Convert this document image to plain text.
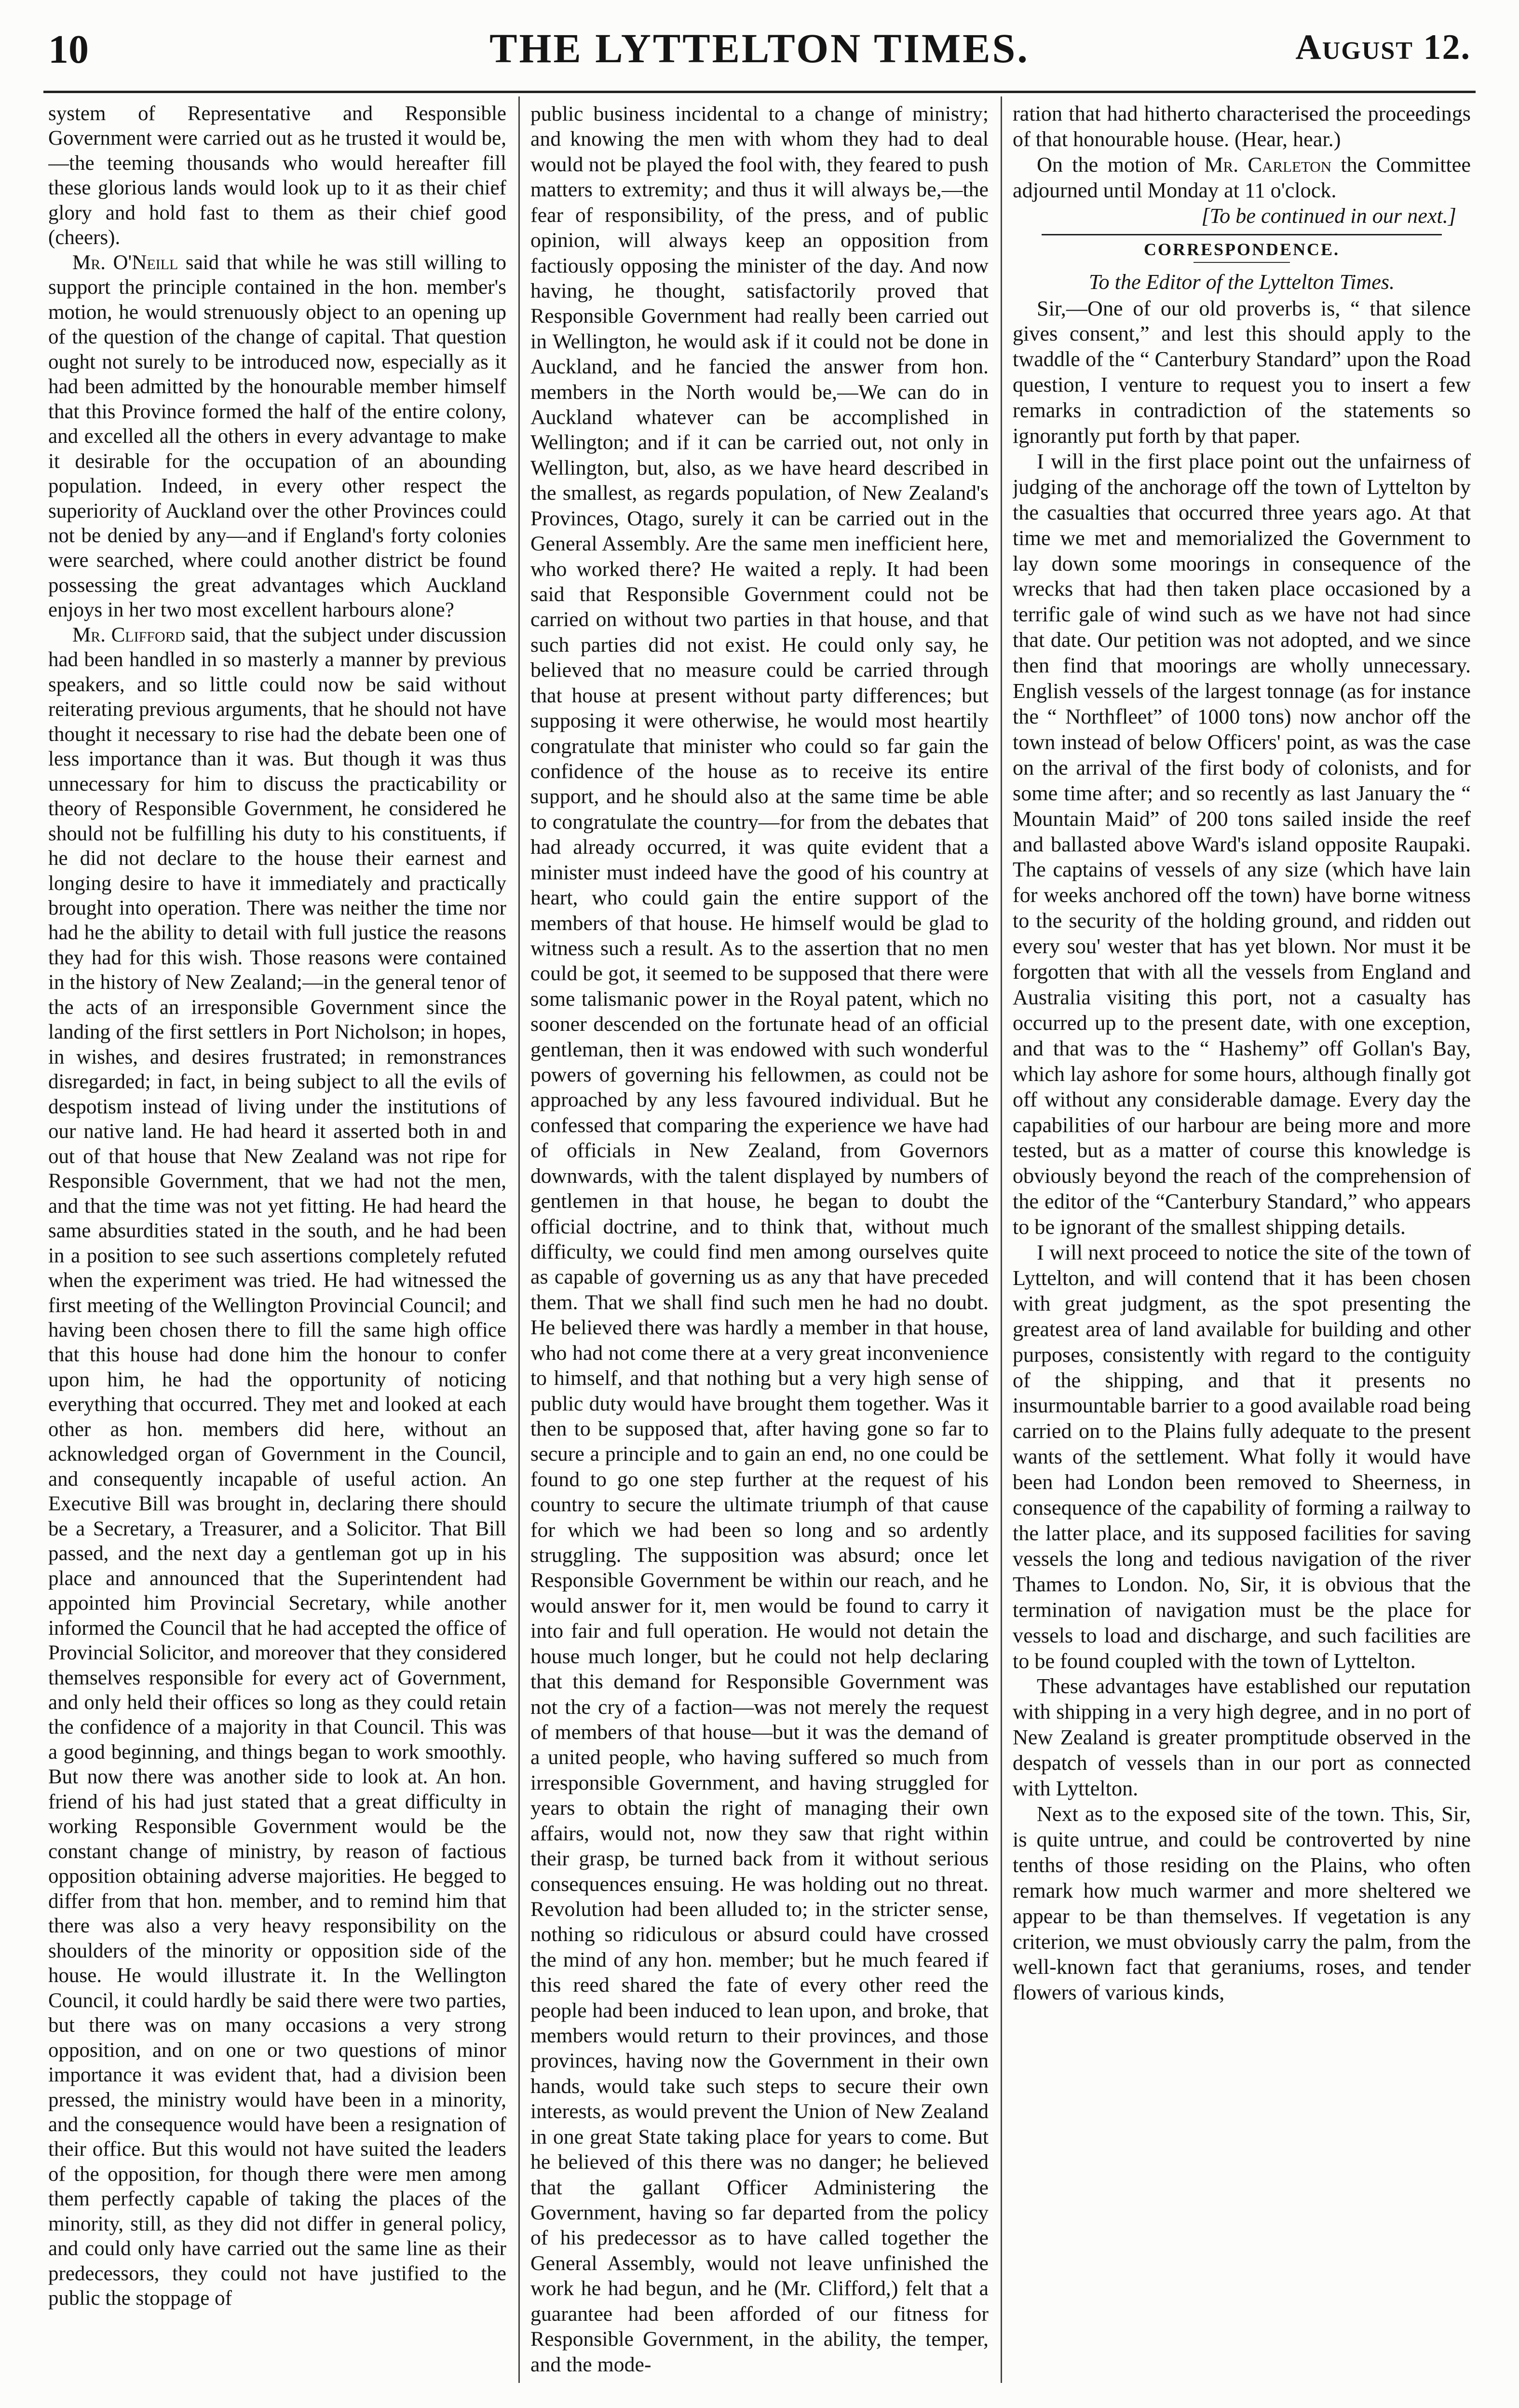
10	THE LYTTELTON TIMES.	August 12.

system of Representative and Responsible Government were carried out as he trusted it would be,—the teeming thousands who would hereafter fill these glorious lands would look up to it as their chief glory and hold fast to them as their chief good (cheers).

Mr. O'Neill said that while he was still willing to support the principle contained in the hon. member's motion, he would strenuously object to an opening up of the question of the change of capital. That question ought not surely to be introduced now, especially as it had been admitted by the honourable member himself that this Province formed the half of the entire colony, and excelled all the others in every advantage to make it desirable for the occupation of an abounding population. Indeed, in every other respect the superiority of Auckland over the other Provinces could not be denied by any—and if England's forty colonies were searched, where could another district be found possessing the great advantages which Auckland enjoys in her two most excellent harbours alone?

Mr. Clifford said, that the subject under discussion had been handled in so masterly a manner by previous speakers, and so little could now be said without reiterating previous arguments, that he should not have thought it necessary to rise had the debate been one of less importance than it was. But though it was thus unnecessary for him to discuss the practicability or theory of Responsible Government, he considered he should not be fulfilling his duty to his constituents, if he did not declare to the house their earnest and longing desire to have it immediately and practically brought into operation. There was neither the time nor had he the ability to detail with full justice the reasons they had for this wish. Those reasons were contained in the history of New Zealand;—in the general tenor of the acts of an irresponsible Government since the landing of the first settlers in Port Nicholson; in hopes, in wishes, and desires frustrated; in remonstrances disregarded; in fact, in being subject to all the evils of despotism instead of living under the institutions of our native land. He had heard it asserted both in and out of that house that New Zealand was not ripe for Responsible Government, that we had not the men, and that the time was not yet fitting. He had heard the same absurdities stated in the south, and he had been in a position to see such assertions completely refuted when the experiment was tried. He had witnessed the first meeting of the Wellington Provincial Council; and having been chosen there to fill the same high office that this house had done him the honour to confer upon him, he had the opportunity of noticing everything that occurred. They met and looked at each other as hon. members did here, without an acknowledged organ of Government in the Council, and consequently incapable of useful action. An Executive Bill was brought in, declaring there should be a Secretary, a Treasurer, and a Solicitor. That Bill passed, and the next day a gentleman got up in his place and announced that the Superintendent had appointed him Provincial Secretary, while another informed the Council that he had accepted the office of Provincial Solicitor, and moreover that they considered themselves responsible for every act of Government, and only held their offices so long as they could retain the confidence of a majority in that Council. This was a good beginning, and things began to work smoothly. But now there was another side to look at. An hon. friend of his had just stated that a great difficulty in working Responsible Government would be the constant change of ministry, by reason of factious opposition obtaining adverse majorities. He begged to differ from that hon. member, and to remind him that there was also a very heavy responsibility on the shoulders of the minority or opposition side of the house. He would illustrate it. In the Wellington Council, it could hardly be said there were two parties, but there was on many occasions a very strong opposition, and on one or two questions of minor importance it was evident that, had a division been pressed, the ministry would have been in a minority, and the consequence would have been a resignation of their office. But this would not have suited the leaders of the opposition, for though there were men among them perfectly capable of taking the places of the minority, still, as they did not differ in general policy, and could only have carried out the same line as their predecessors, they could not have justified to the public the stoppage of

public business incidental to a change of ministry; and knowing the men with whom they had to deal would not be played the fool with, they feared to push matters to extremity; and thus it will always be,—the fear of responsibility, of the press, and of public opinion, will always keep an opposition from factiously opposing the minister of the day. And now having, he thought, satisfactorily proved that Responsible Government had really been carried out in Wellington, he would ask if it could not be done in Auckland, and he fancied the answer from hon. members in the North would be,—We can do in Auckland whatever can be accomplished in Wellington; and if it can be carried out, not only in Wellington, but, also, as we have heard described in the smallest, as regards population, of New Zealand's Provinces, Otago, surely it can be carried out in the General Assembly. Are the same men inefficient here, who worked there? He waited a reply. It had been said that Responsible Government could not be carried on without two parties in that house, and that such parties did not exist. He could only say, he believed that no measure could be carried through that house at present without party differences; but supposing it were otherwise, he would most heartily congratulate that minister who could so far gain the confidence of the house as to receive its entire support, and he should also at the same time be able to congratulate the country—for from the debates that had already occurred, it was quite evident that a minister must indeed have the good of his country at heart, who could gain the entire support of the members of that house. He himself would be glad to witness such a result. As to the assertion that no men could be got, it seemed to be supposed that there were some talismanic power in the Royal patent, which no sooner descended on the fortunate head of an official gentleman, then it was endowed with such wonderful powers of governing his fellowmen, as could not be approached by any less favoured individual. But he confessed that comparing the experience we have had of officials in New Zealand, from Governors downwards, with the talent displayed by numbers of gentlemen in that house, he began to doubt the official doctrine, and to think that, without much difficulty, we could find men among ourselves quite as capable of governing us as any that have preceded them. That we shall find such men he had no doubt. He believed there was hardly a member in that house, who had not come there at a very great inconvenience to himself, and that nothing but a very high sense of public duty would have brought them together. Was it then to be supposed that, after having gone so far to secure a principle and to gain an end, no one could be found to go one step further at the request of his country to secure the ultimate triumph of that cause for which we had been so long and so ardently struggling. The supposition was absurd; once let Responsible Government be within our reach, and he would answer for it, men would be found to carry it into fair and full operation. He would not detain the house much longer, but he could not help declaring that this demand for Responsible Government was not the cry of a faction—was not merely the request of members of that house—but it was the demand of a united people, who having suffered so much from irresponsible Government, and having struggled for years to obtain the right of managing their own affairs, would not, now they saw that right within their grasp, be turned back from it without serious consequences ensuing. He was holding out no threat. Revolution had been alluded to; in the stricter sense, nothing so ridiculous or absurd could have crossed the mind of any hon. member; but he much feared if this reed shared the fate of every other reed the people had been induced to lean upon, and broke, that members would return to their provinces, and those provinces, having now the Government in their own hands, would take such steps to secure their own interests, as would prevent the Union of New Zealand in one great State taking place for years to come. But he believed of this there was no danger; he believed that the gallant Officer Administering the Government, having so far departed from the policy of his predecessor as to have called together the General Assembly, would not leave unfinished the work he had begun, and he (Mr. Clifford,) felt that a guarantee had been afforded of our fitness for Responsible Government, in the ability, the temper, and the mode-

ration that had hitherto characterised the proceedings of that honourable house. (Hear, hear.)

On the motion of Mr. Carleton the Committee adjourned until Monday at 11 o'clock.

[To be continued in our next.]

CORRESPONDENCE.

To the Editor of the Lyttelton Times.

Sir,—One of our old proverbs is, “ that silence gives consent,” and lest this should apply to the twaddle of the “ Canterbury Standard” upon the Road question, I venture to request you to insert a few remarks in contradiction of the statements so ignorantly put forth by that paper.

I will in the first place point out the unfairness of judging of the anchorage off the town of Lyttelton by the casualties that occurred three years ago. At that time we met and memorialized the Government to lay down some moorings in consequence of the wrecks that had then taken place occasioned by a terrific gale of wind such as we have not had since that date. Our petition was not adopted, and we since then find that moorings are wholly unnecessary. English vessels of the largest tonnage (as for instance the “ Northfleet” of 1000 tons) now anchor off the town instead of below Officers' point, as was the case on the arrival of the first body of colonists, and for some time after; and so recently as last January the “ Mountain Maid” of 200 tons sailed inside the reef and ballasted above Ward's island opposite Raupaki. The captains of vessels of any size (which have lain for weeks anchored off the town) have borne witness to the security of the holding ground, and ridden out every sou' wester that has yet blown. Nor must it be forgotten that with all the vessels from England and Australia visiting this port, not a casualty has occurred up to the present date, with one exception, and that was to the “ Hashemy” off Gollan's Bay, which lay ashore for some hours, although finally got off without any considerable damage. Every day the capabilities of our harbour are being more and more tested, but as a matter of course this knowledge is obviously beyond the reach of the comprehension of the editor of the “Canterbury Standard,” who appears to be ignorant of the smallest shipping details.

I will next proceed to notice the site of the town of Lyttelton, and will contend that it has been chosen with great judgment, as the spot presenting the greatest area of land available for building and other purposes, consistently with regard to the contiguity of the shipping, and that it presents no insurmountable barrier to a good available road being carried on to the Plains fully adequate to the present wants of the settlement. What folly it would have been had London been removed to Sheerness, in consequence of the capability of forming a railway to the latter place, and its supposed facilities for saving vessels the long and tedious navigation of the river Thames to London. No, Sir, it is obvious that the termination of navigation must be the place for vessels to load and discharge, and such facilities are to be found coupled with the town of Lyttelton.

These advantages have established our reputation with shipping in a very high degree, and in no port of New Zealand is greater promptitude observed in the despatch of vessels than in our port as connected with Lyttelton.

Next as to the exposed site of the town. This, Sir, is quite untrue, and could be controverted by nine tenths of those residing on the Plains, who often remark how much warmer and more sheltered we appear to be than themselves. If vegetation is any criterion, we must obviously carry the palm, from the well-known fact that geraniums, roses, and tender flowers of various kinds,
